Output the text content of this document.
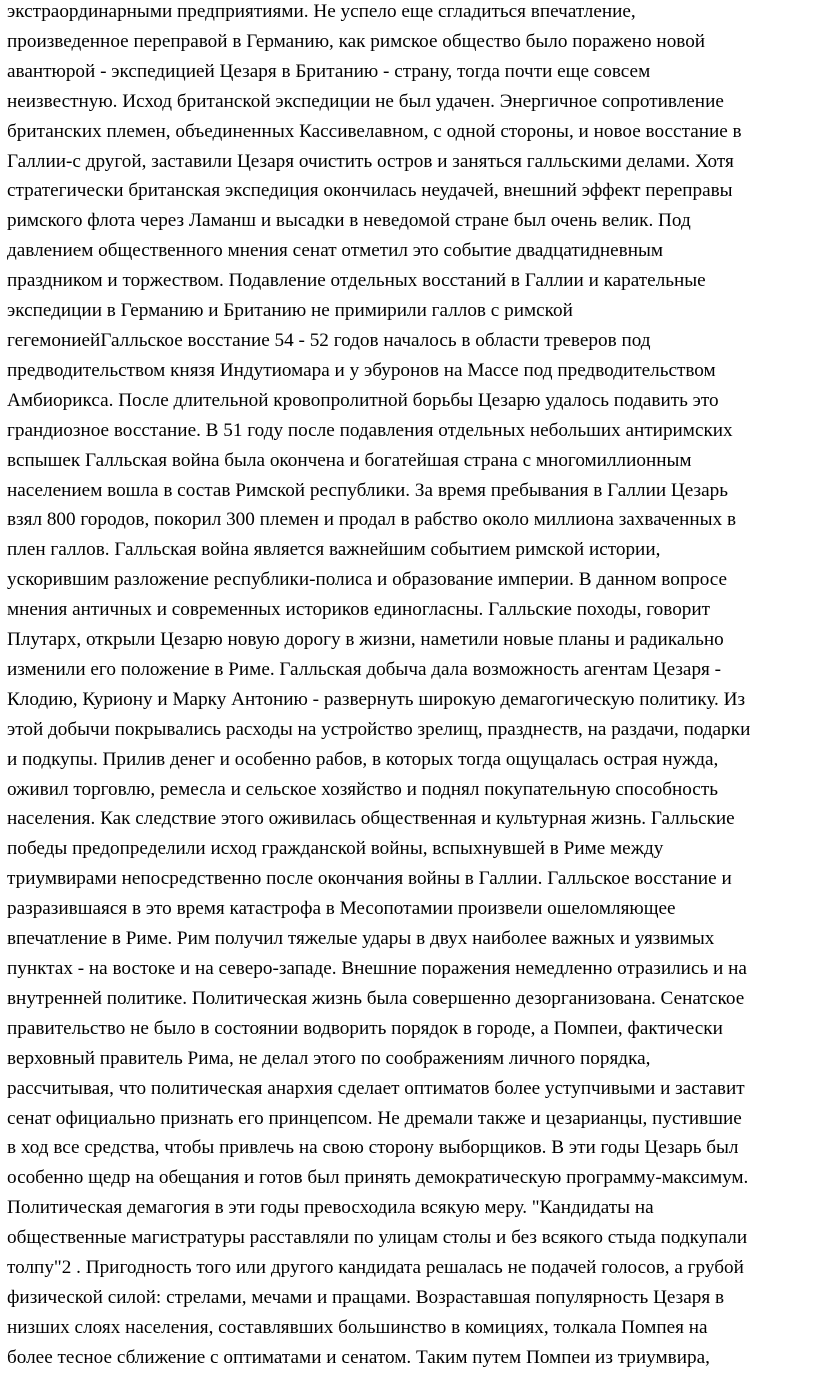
экстраординарными предприятиями. Не успело еще сгладиться впечатление,
произведенное переправой в Германию, как римское общество было поражено новой
авантюрой - экспедицией Цезаря в Британию - страну, тогда почти еще совсем
неизвестную. Исход британской экспедиции не был удачен. Энергичное сопротивление
британских племен, объединенных Кассивелавном, с одной стороны, и новое восстание в
Галлии-с другой, заставили Цезаря очистить остров и заняться галльскими делами. Хотя
стратегически британская экспедиция окончилась неудачей, внешний эффект переправы
римского флота через Ламанш и высадки в неведомой стране был очень велик. Под
давлением общественного мнения сенат отметил это событие двадцатидневным
праздником и торжеством. Подавление отдельных восстаний в Галлии и карательные
экспедиции в Германию и Британию не примирили галлов с римской
гегемониейГалльское восстание 54 - 52 годов началось в области треверов под
предводительством князя Индутиомара и у эбуронов на Массе под предводительством
Амбиорикса. После длительной кровопролитной борьбы Цезарю удалось подавить это
грандиозное восстание. В 51 году после подавления отдельных небольших антиримских
вспышек Галльская война была окончена и богатейшая страна с многомиллионным
населением вошла в состав Римской республики. За время пребывания в Галлии Цезарь
взял 800 городов, покорил 300 племен и продал в рабство около миллиона захваченных в
плен галлов. Галльская война является важнейшим событием римской истории,
ускорившим разложение республики-полиса и образование империи. В данном вопросе
мнения античных и современных историков единогласны. Галльские походы, говорит
Плутарх, открыли Цезарю новую дорогу в жизни, наметили новые планы и радикально
изменили его положение в Риме. Галльская добыча дала возможность агентам Цезаря -
Клодию, Куриону и Марку Антонию - развернуть широкую демагогическую политику. Из
этой добычи покрывались расходы на устройство зрелищ, празднеств, на раздачи, подарки
и подкупы. Прилив денег и особенно рабов, в которых тогда ощущалась острая нужда,
оживил торговлю, ремесла и сельское хозяйство и поднял покупательную способность
населения. Как следствие этого оживилась общественная и культурная жизнь. Галльские
победы предопределили исход гражданской войны, вспыхнувшей в Риме между
триумвирами непосредственно после окончания войны в Галлии. Галльское восстание и
разразившаяся в это время катастрофа в Месопотамии произвели ошеломляющее
впечатление в Риме. Рим получил тяжелые удары в двух наиболее важных и уязвимых
пунктах - на востоке и на северо-западе. Внешние поражения немедленно отразились и на
внутренней политике. Политическая жизнь была совершенно дезорганизована. Сенатское
правительство не было в состоянии водворить порядок в городе, а Помпеи, фактически
верховный правитель Рима, не делал этого по соображениям личного порядка,
рассчитывая, что политическая анархия сделает оптиматов более уступчивыми и заставит
сенат официально признать его принцепсом. Не дремали также и цезарианцы, пустившие
в ход все средства, чтобы привлечь на свою сторону выборщиков. В эти годы Цезарь был
особенно щедр на обещания и готов был принять демократическую программу-максимум.
Политическая демагогия в эти годы превосходила всякую меру. "Кандидаты на
общественные магистратуры расставляли по улицам столы и без всякого стыда подкупали
толпу"2 . Пригодность того или другого кандидата решалась не подачей голосов, а грубой
физической силой: стрелами, мечами и пращами. Возраставшая популярность Цезаря в
низших слоях населения, составлявших большинство в комициях, толкала Помпея на
более тесное сближение с оптиматами и сенатом. Таким путем Помпеи из триумвира,
